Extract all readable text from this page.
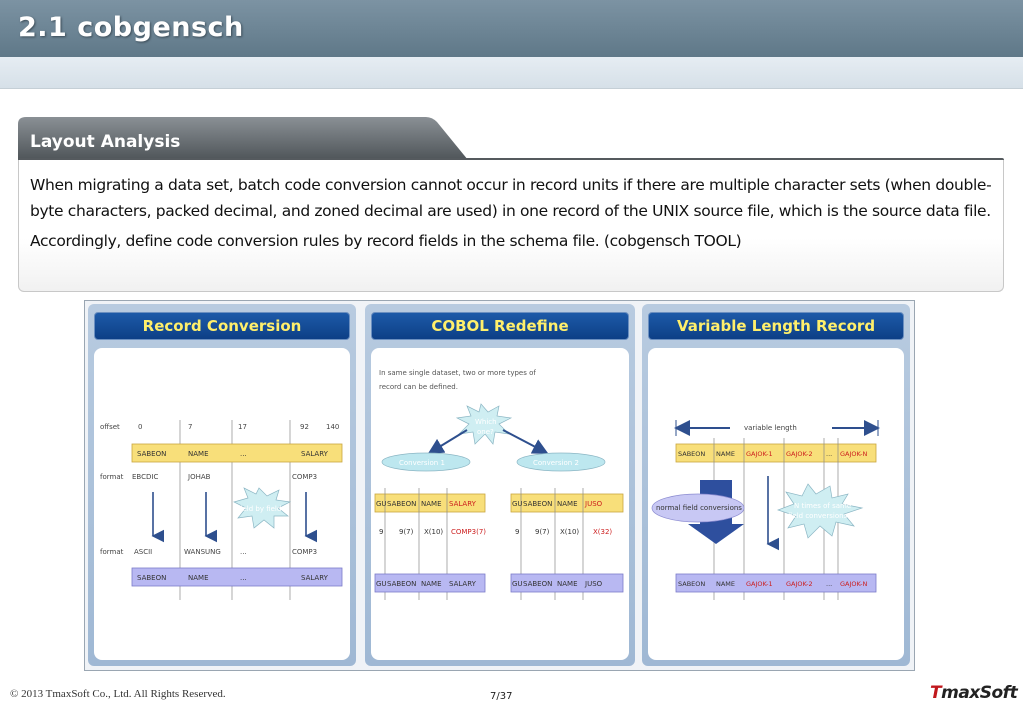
2.1 cobgensch
Layout Analysis
When migrating a data set, batch code conversion cannot occur in record units if there are multiple character sets (when double-byte characters, packed decimal, and zoned decimal are used) in one record of the UNIX source file, which is the source data file.
Accordingly, define code conversion rules by record fields in the schema file. (cobgensch TOOL)
Record Conversion
offset	0	7	17	92 140
SABEON	NAME	...	SALARY
format EBCDIC	JOHAB	COMP3
Field by field
format ASCII	WANSUNG	...	COMP3
SABEON	NAME	...	SALARY
COBOL Redefine
In same single dataset, two or more types of
record can be defined.
Which
one?
Conversion 1	Conversion 2
GU SABEON NAME SALARY	GU SABEON NAME JUSO
9 9(7) X(10) COMP3(7)	9 9(7) X(10) X(32)
GU SABEON NAME SALARY	GU SABEON NAME JUSO
Variable Length Record
variable length
SABEON NAME GAJOK-1 GAJOK-2 ... GAJOK-N
normal field conversions	N times of same
field conversions
SABEON NAME GAJOK-1 GAJOK-2 ... GAJOK-N
© 2013 TmaxSoft Co., Ltd. All Rights Reserved.	7/37	TmaxSoft
